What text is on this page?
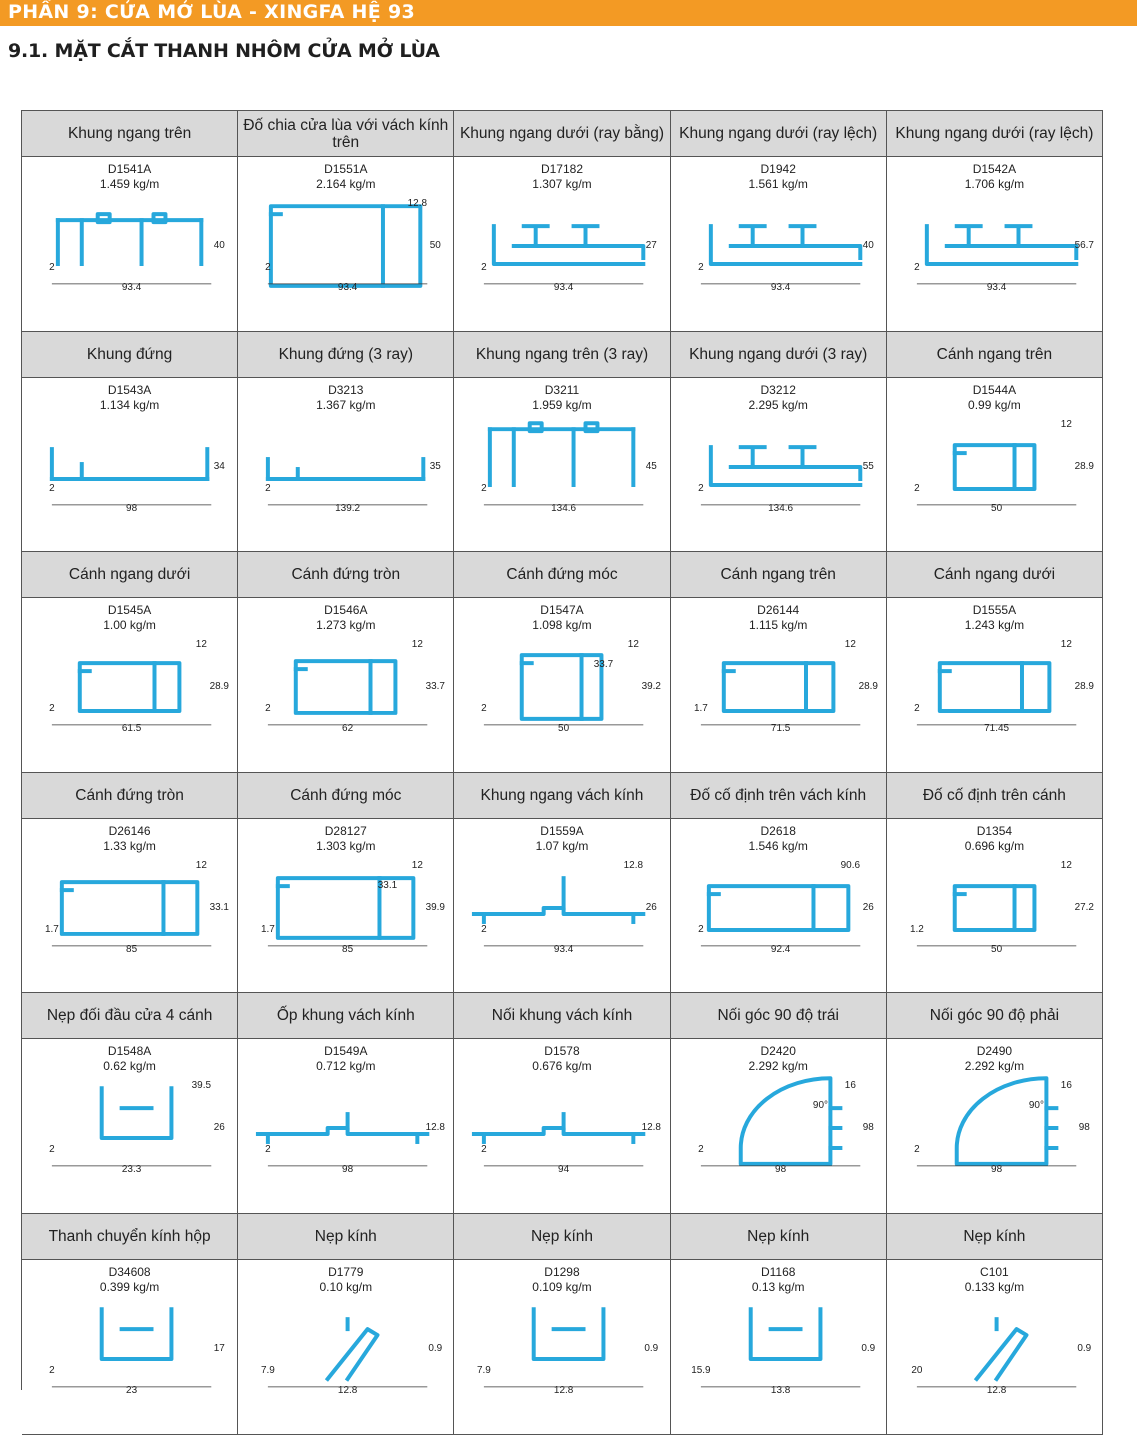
PHẦN 9: CỬA MỞ LÙA - XINGFA HỆ 93
9.1. MẶT CẮT THANH NHÔM CỬA MỞ LÙA
Khung ngang trên
D1541A
1.459 kg/m
2
93.4
40
Đố chia cửa lùa với vách kính trên
D1551A
2.164 kg/m
2
93.4
50
12.8
Khung ngang dưới (ray bằng)
D17182
1.307 kg/m
2
93.4
27
Khung ngang dưới (ray lệch)
D1942
1.561 kg/m
2
93.4
40
Khung ngang dưới (ray lệch)
D1542A
1.706 kg/m
2
93.4
56.7
Khung đứng
D1543A
1.134 kg/m
2
98
34
Khung đứng (3 ray)
D3213
1.367 kg/m
2
139.2
35
Khung ngang trên (3 ray)
D3211
1.959 kg/m
2
134.6
45
Khung ngang dưới (3 ray)
D3212
2.295 kg/m
2
134.6
55
Cánh ngang trên
D1544A
0.99 kg/m
2
50
28.9
12
Cánh ngang dưới
D1545A
1.00 kg/m
2
61.5
28.9
12
Cánh đứng tròn
D1546A
1.273 kg/m
2
62
33.7
12
Cánh đứng móc
D1547A
1.098 kg/m
2
50
39.2
12
33.7
Cánh ngang trên
D26144
1.115 kg/m
1.7
71.5
28.9
12
Cánh ngang dưới
D1555A
1.243 kg/m
2
71.45
28.9
12
Cánh đứng tròn
D26146
1.33 kg/m
1.7
85
33.1
12
Cánh đứng móc
D28127
1.303 kg/m
1.7
85
39.9
12
33.1
Khung ngang vách kính
D1559A
1.07 kg/m
2
93.4
26
12.8
Đố cố định trên vách kính
D2618
1.546 kg/m
2
92.4
26
90.6
Đố cố định trên cánh
D1354
0.696 kg/m
1.2
50
27.2
12
Nẹp đối đầu cửa 4 cánh
D1548A
0.62 kg/m
2
23.3
26
39.5
Ốp khung vách kính
D1549A
0.712 kg/m
2
98
12.8
Nối khung vách kính
D1578
0.676 kg/m
2
94
12.8
Nối góc 90 độ trái
D2420
2.292 kg/m
2
98
98
16
90°
Nối góc 90 độ phải
D2490
2.292 kg/m
2
98
98
16
90°
Thanh chuyển kính hộp
D34608
0.399 kg/m
2
23
17
Nẹp kính
D1779
0.10 kg/m
7.9
12.8
0.9
Nẹp kính
D1298
0.109 kg/m
7.9
12.8
0.9
Nẹp kính
D1168
0.13 kg/m
15.9
13.8
0.9
Nẹp kính
C101
0.133 kg/m
20
12.8
0.9
